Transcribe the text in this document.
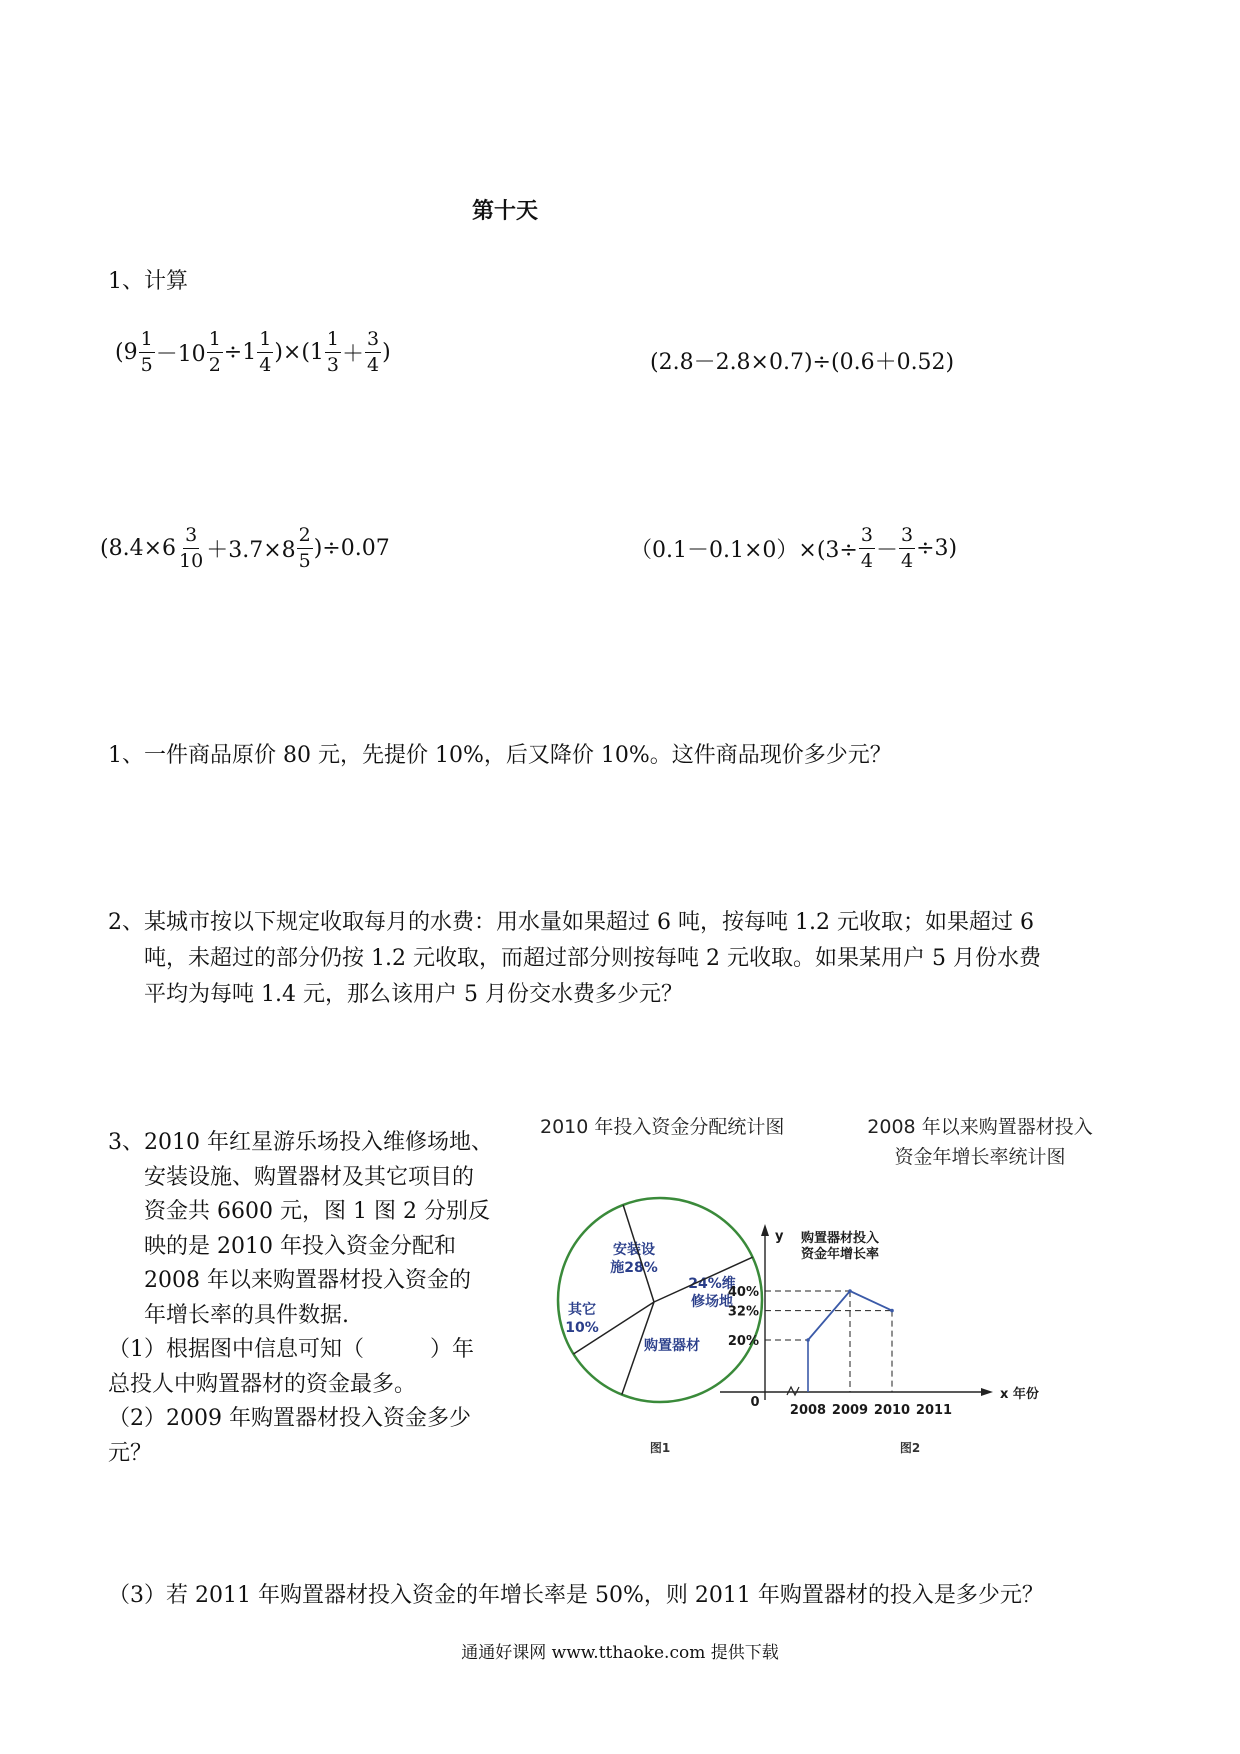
第十天
1、计算
$(9 \frac{1}{5} -10 \frac{1}{2} \div 1 \frac{1}{4} )\times(1 \frac{1}{3} + \frac{3}{4}$ )	(2.8－2.8×0.7)÷(0.6＋0.52)
$(8.4\times 6 \frac{3}{10} +3.7\times 8 \frac{2}{5} )\div 0.07$	$(0.1-0.1\times 0)\times(3\div \frac{3}{4} - \frac{3}{4} \div 3)$
1、一件商品原价 80 元，先提价 10%，后又降价 10%。这件商品现价多少元？
2、某城市按以下规定收取每月的水费：用水量如果超过 6 吨，按每吨 1.2 元收取；如果超过 6
吨，未超过的部分仍按 1.2 元收取，而超过部分则按每吨 2 元收取。如果某用户 5 月份水费
平均为每吨 1.4 元，那么该用户 5 月份交水费多少元？
3、2010 年红星游乐场投入维修场地、
安装设施、购置器材及其它项目的
资金共 6600 元，图 1 图 2 分别反
映的是 2010 年投入资金分配和
2008 年以来购置器材投入资金的
年增长率的具件数据.
（1）根据图中信息可知（　　　）年
总投人中购置器材的资金最多。
（2）2009 年购置器材投入资金多少
元？
2010 年投入资金分配统计图	2008 年以来购置器材投入
资金年增长率统计图
安装设施28%
24%维修场地
购置器材
其它 10%
图1
0
y
x 年份
购置器材投入资金年增长率
2008 2009 2010 2011
20%
32%
40%
图2
（3）若 2011 年购置器材投入资金的年增长率是 50%，则 2011 年购置器材的投入是多少元？
通通好课网 www.tthaoke.com 提供下载
